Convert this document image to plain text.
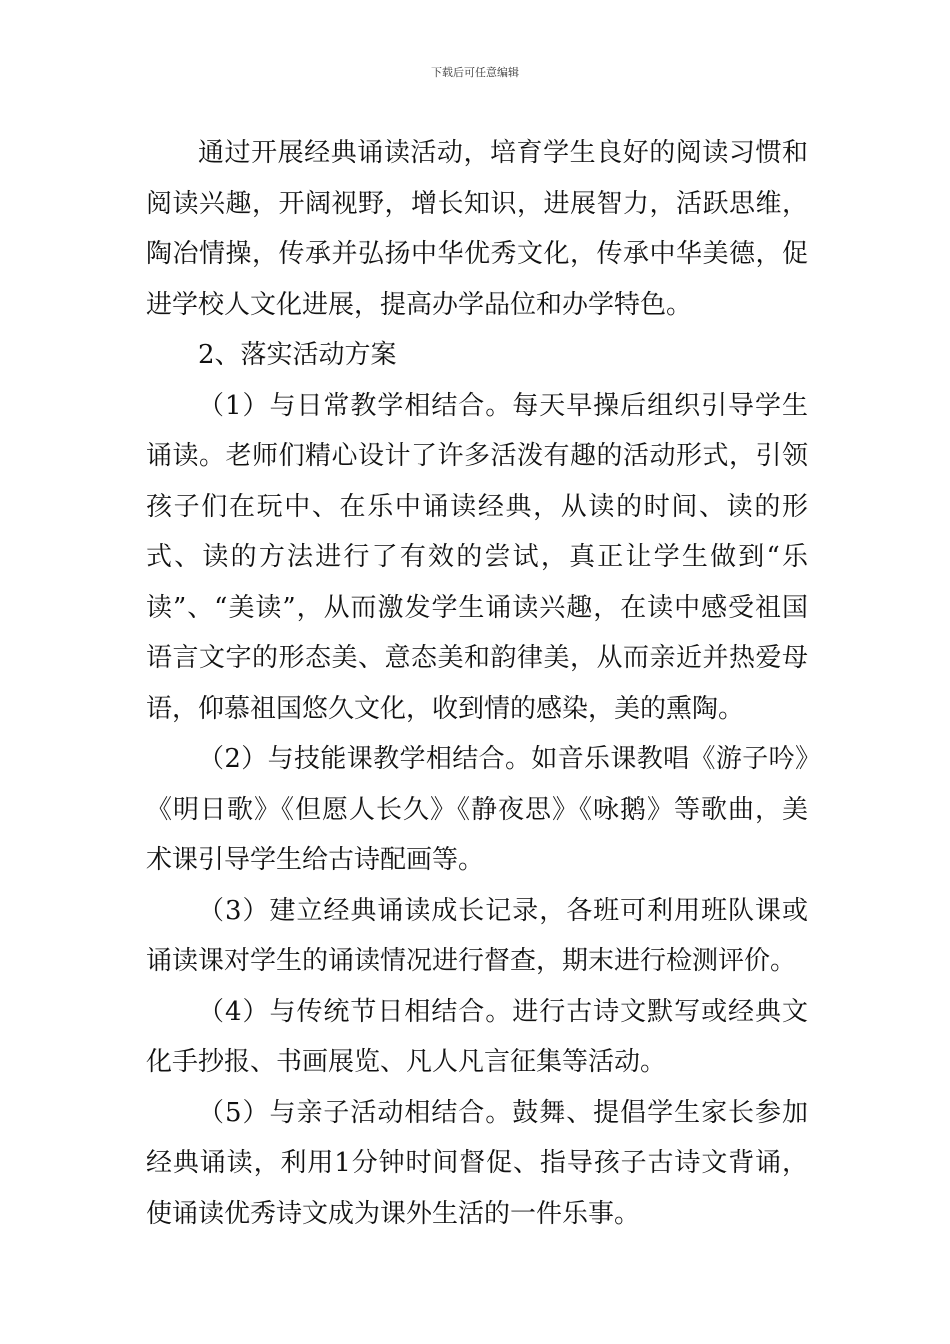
下载后可任意编辑

通过开展经典诵读活动，培育学生良好的阅读习惯和阅读兴趣，开阔视野，增长知识，进展智力，活跃思维，陶冶情操，传承并弘扬中华优秀文化，传承中华美德，促进学校人文化进展，提高办学品位和办学特色。

2、落实活动方案

（1）与日常教学相结合。每天早操后组织引导学生诵读。老师们精心设计了许多活泼有趣的活动形式，引领孩子们在玩中、在乐中诵读经典，从读的时间、读的形式、读的方法进行了有效的尝试，真正让学生做到“乐读”、“美读”，从而激发学生诵读兴趣，在读中感受祖国语言文字的形态美、意态美和韵律美，从而亲近并热爱母语，仰慕祖国悠久文化，收到情的感染，美的熏陶。

（2）与技能课教学相结合。如音乐课教唱《游子吟》《明日歌》《但愿人长久》《静夜思》《咏鹅》等歌曲，美术课引导学生给古诗配画等。

（3）建立经典诵读成长记录，各班可利用班队课或诵读课对学生的诵读情况进行督查，期末进行检测评价。

（4）与传统节日相结合。进行古诗文默写或经典文化手抄报、书画展览、凡人凡言征集等活动。

（5）与亲子活动相结合。鼓舞、提倡学生家长参加经典诵读，利用1分钟时间督促、指导孩子古诗文背诵，使诵读优秀诗文成为课外生活的一件乐事。
